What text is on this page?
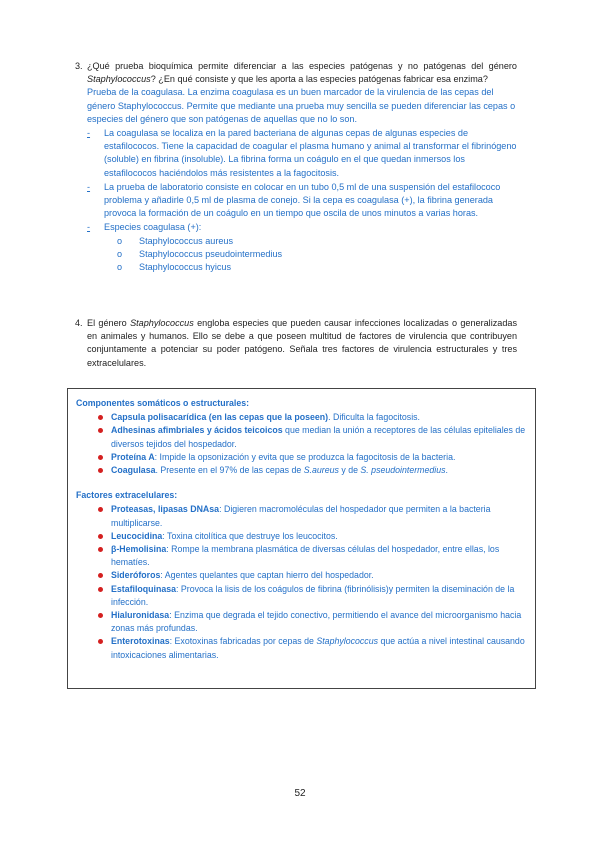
3. ¿Qué prueba bioquímica permite diferenciar a las especies patógenas y no patógenas del género Staphylococcus? ¿En qué consiste y que les aporta a las especies patógenas fabricar esa enzima?
Prueba de la coagulasa. La enzima coagulasa es un buen marcador de la virulencia de las cepas del género Staphylococcus. Permite que mediante una prueba muy sencilla se pueden diferenciar las cepas o especies del género que son patógenas de aquellas que no lo son.
- La coagulasa se localiza en la pared bacteriana de algunas cepas de algunas especies de estafilococos. Tiene la capacidad de coagular el plasma humano y animal al transformar el fibrinógeno (soluble) en fibrina (insoluble). La fibrina forma un coágulo en el que quedan inmersos los estafilococos haciéndolos más resistentes a la fagocitosis.
- La prueba de laboratorio consiste en colocar en un tubo 0,5 ml de una suspensión del estafilococo problema y añadirle 0,5 ml de plasma de conejo. Si la cepa es coagulasa (+), la fibrina generada provoca la formación de un coágulo en un tiempo que oscila de unos minutos a varias horas.
- Especies coagulasa (+):
o Staphylococcus aureus
o Staphylococcus pseudointermedius
o Staphylococcus hyicus
4. El género Staphylococcus engloba especies que pueden causar infecciones localizadas o generalizadas en animales y humanos. Ello se debe a que poseen multitud de factores de virulencia que contribuyen conjuntamente a potenciar su poder patógeno. Señala tres factores de virulencia estructurales y tres extracelulares.
Componentes somáticos o estructurales:
Capsula polisacarídica (en las cepas que la poseen). Dificulta la fagocitosis.
Adhesinas afimbriales y ácidos teicoicos que median la unión a receptores de las células epiteliales de diversos tejidos del hospedador.
Proteína A: Impide la opsonización y evita que se produzca la fagocitosis de la bacteria.
Coagulasa. Presente en el 97% de las cepas de S.aureus y de S. pseudointermedius.
Factores extracelulares:
Proteasas, lipasas DNAsa: Digieren macromoléculas del hospedador que permiten a la bacteria multiplicarse.
Leucocidina: Toxina citolítica que destruye los leucocitos.
β-Hemolisina: Rompe la membrana plasmática de diversas células del hospedador, entre ellas, los hematíes.
Sideróforos: Agentes quelantes que captan hierro del hospedador.
Estafiloquinasa: Provoca la lisis de los coágulos de fibrina (fibrinólisis)y permiten la diseminación de la infección.
Hialuronidasa: Enzima que degrada el tejido conectivo, permitiendo el avance del microorganismo hacia zonas más profundas.
Enterotoxinas: Exotoxinas fabricadas por cepas de Staphylococcus que actúa a nivel intestinal causando intoxicaciones alimentarias.
52
